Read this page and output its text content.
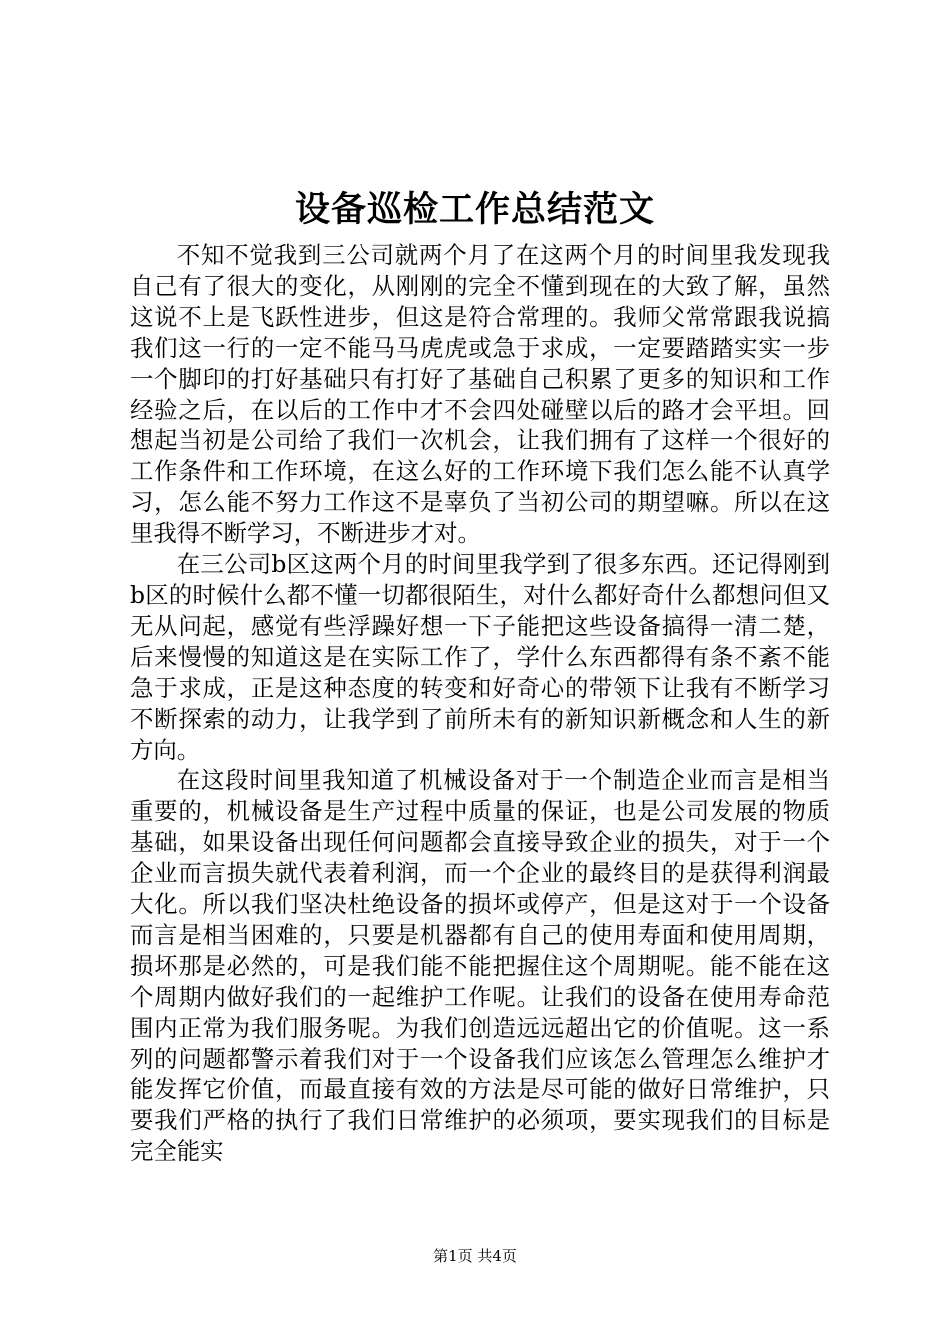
设备巡检工作总结范文

不知不觉我到三公司就两个月了在这两个月的时间里我发现我自己有了很大的变化，从刚刚的完全不懂到现在的大致了解，虽然这说不上是飞跃性进步，但这是符合常理的。我师父常常跟我说搞我们这一行的一定不能马马虎虎或急于求成，一定要踏踏实实一步一个脚印的打好基础只有打好了基础自己积累了更多的知识和工作经验之后，在以后的工作中才不会四处碰壁以后的路才会平坦。回想起当初是公司给了我们一次机会，让我们拥有了这样一个很好的工作条件和工作环境，在这么好的工作环境下我们怎么能不认真学习，怎么能不努力工作这不是辜负了当初公司的期望嘛。所以在这里我得不断学习，不断进步才对。

在三公司b区这两个月的时间里我学到了很多东西。还记得刚到b区的时候什么都不懂一切都很陌生，对什么都好奇什么都想问但又无从问起，感觉有些浮躁好想一下子能把这些设备搞得一清二楚，后来慢慢的知道这是在实际工作了，学什么东西都得有条不紊不能急于求成，正是这种态度的转变和好奇心的带领下让我有不断学习不断探索的动力，让我学到了前所未有的新知识新概念和人生的新方向。

在这段时间里我知道了机械设备对于一个制造企业而言是相当重要的，机械设备是生产过程中质量的保证，也是公司发展的物质基础，如果设备出现任何问题都会直接导致企业的损失，对于一个企业而言损失就代表着利润，而一个企业的最终目的是获得利润最大化。所以我们坚决杜绝设备的损坏或停产，但是这对于一个设备而言是相当困难的，只要是机器都有自己的使用寿面和使用周期，损坏那是必然的，可是我们能不能把握住这个周期呢。能不能在这个周期内做好我们的一起维护工作呢。让我们的设备在使用寿命范围内正常为我们服务呢。为我们创造远远超出它的价值呢。这一系列的问题都警示着我们对于一个设备我们应该怎么管理怎么维护才能发挥它价值，而最直接有效的方法是尽可能的做好日常维护，只要我们严格的执行了我们日常维护的必须项，要实现我们的目标是完全能实

第1页 共4页
